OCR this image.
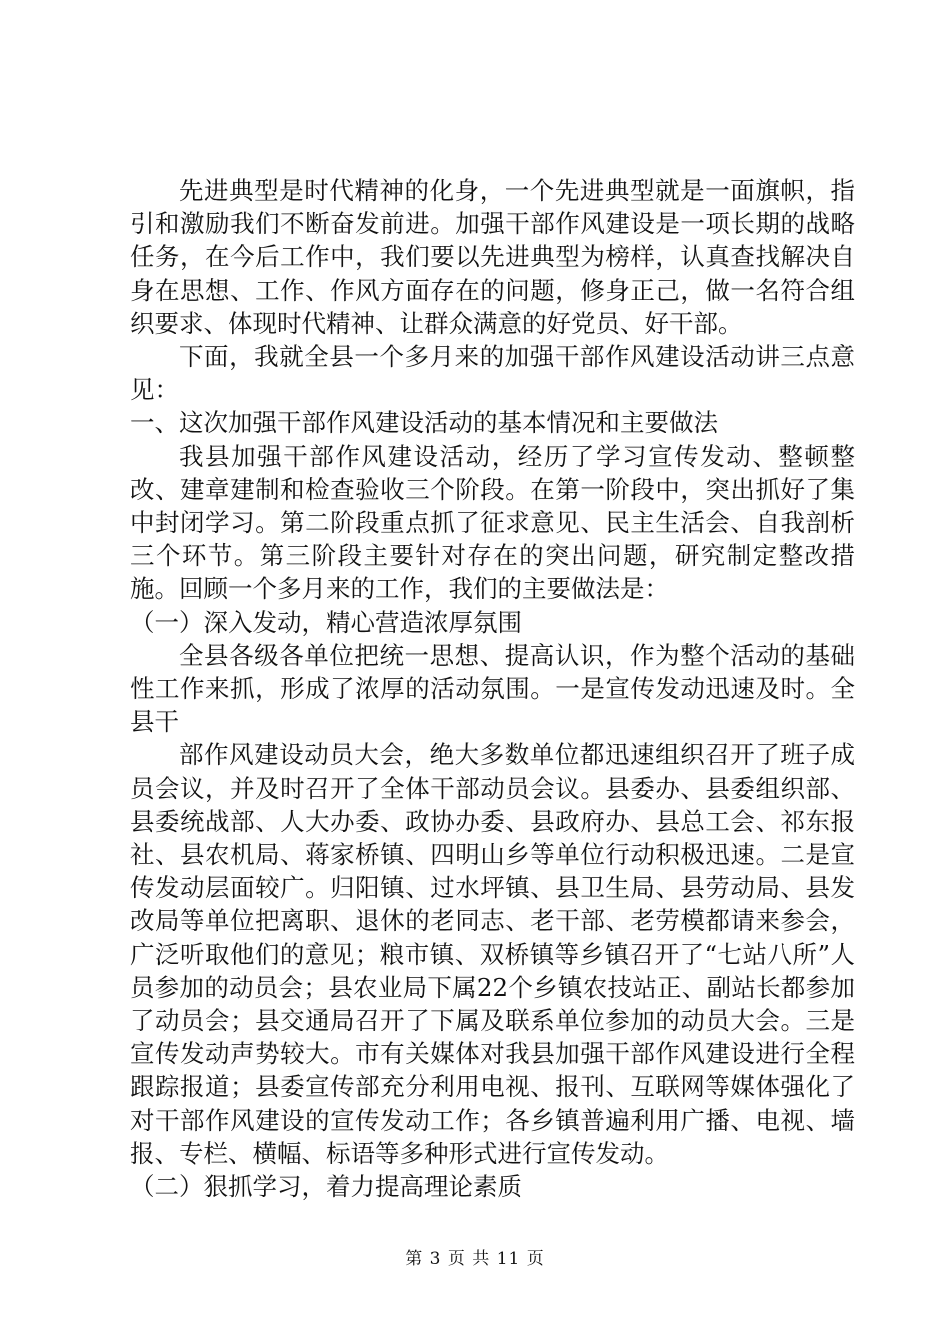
先进典型是时代精神的化身，一个先进典型就是一面旗帜，指引和激励我们不断奋发前进。加强干部作风建设是一项长期的战略任务，在今后工作中，我们要以先进典型为榜样，认真查找解决自身在思想、工作、作风方面存在的问题，修身正己，做一名符合组织要求、体现时代精神、让群众满意的好党员、好干部。

下面，我就全县一个多月来的加强干部作风建设活动讲三点意见：

一、这次加强干部作风建设活动的基本情况和主要做法

我县加强干部作风建设活动，经历了学习宣传发动、整顿整改、建章建制和检查验收三个阶段。在第一阶段中，突出抓好了集中封闭学习。第二阶段重点抓了征求意见、民主生活会、自我剖析三个环节。第三阶段主要针对存在的突出问题，研究制定整改措施。回顾一个多月来的工作，我们的主要做法是：

（一）深入发动，精心营造浓厚氛围

全县各级各单位把统一思想、提高认识，作为整个活动的基础性工作来抓，形成了浓厚的活动氛围。一是宣传发动迅速及时。全县干

部作风建设动员大会，绝大多数单位都迅速组织召开了班子成员会议，并及时召开了全体干部动员会议。县委办、县委组织部、县委统战部、人大办委、政协办委、县政府办、县总工会、祁东报社、县农机局、蒋家桥镇、四明山乡等单位行动积极迅速。二是宣传发动层面较广。归阳镇、过水坪镇、县卫生局、县劳动局、县发改局等单位把离职、退休的老同志、老干部、老劳模都请来参会，广泛听取他们的意见；粮市镇、双桥镇等乡镇召开了“七站八所”人员参加的动员会；县农业局下属22个乡镇农技站正、副站长都参加了动员会；县交通局召开了下属及联系单位参加的动员大会。三是宣传发动声势较大。市有关媒体对我县加强干部作风建设进行全程跟踪报道；县委宣传部充分利用电视、报刊、互联网等媒体强化了对干部作风建设的宣传发动工作；各乡镇普遍利用广播、电视、墙报、专栏、横幅、标语等多种形式进行宣传发动。

（二）狠抓学习，着力提高理论素质

第 3 页 共 11 页
